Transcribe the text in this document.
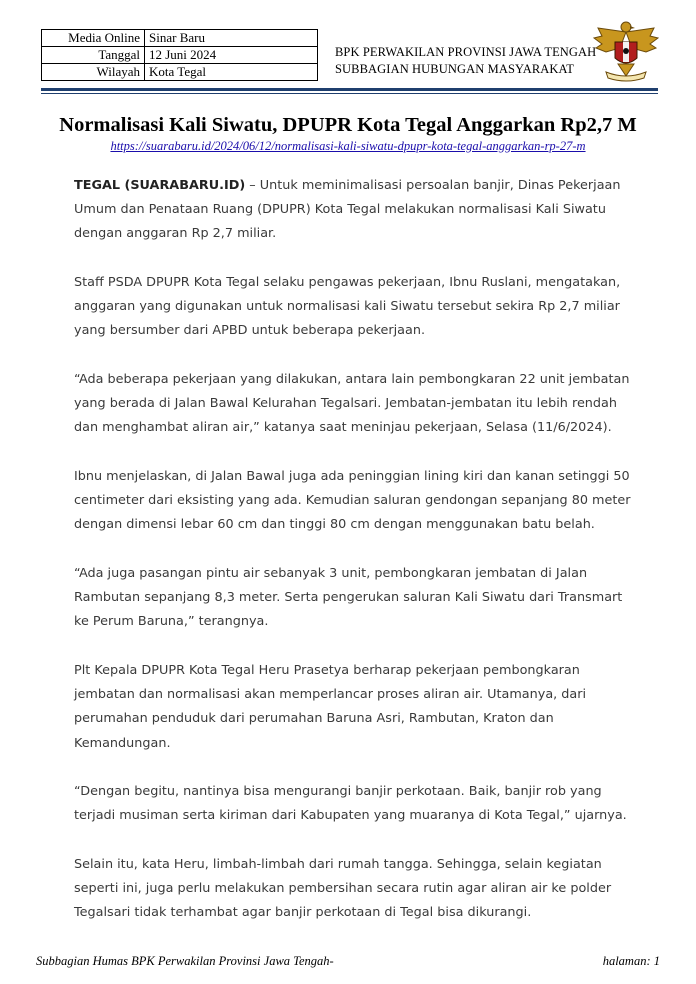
Media Online	Sinar Baru
Tanggal	12 Juni 2024
Wilayah	Kota Tegal
BPK PERWAKILAN PROVINSI JAWA TENGAH
SUBBAGIAN HUBUNGAN MASYARAKAT
Normalisasi Kali Siwatu, DPUPR Kota Tegal Anggarkan Rp2,7 M
https://suarabaru.id/2024/06/12/normalisasi-kali-siwatu-dpupr-kota-tegal-anggarkan-rp-27-m

TEGAL (SUARABARU.ID) – Untuk meminimalisasi persoalan banjir, Dinas Pekerjaan Umum dan Penataan Ruang (DPUPR) Kota Tegal melakukan normalisasi Kali Siwatu dengan anggaran Rp 2,7 miliar.

Staff PSDA DPUPR Kota Tegal selaku pengawas pekerjaan, Ibnu Ruslani, mengatakan, anggaran yang digunakan untuk normalisasi kali Siwatu tersebut sekira Rp 2,7 miliar yang bersumber dari APBD untuk beberapa pekerjaan.

“Ada beberapa pekerjaan yang dilakukan, antara lain pembongkaran 22 unit jembatan yang berada di Jalan Bawal Kelurahan Tegalsari. Jembatan-jembatan itu lebih rendah dan menghambat aliran air,” katanya saat meninjau pekerjaan, Selasa (11/6/2024).

Ibnu menjelaskan, di Jalan Bawal juga ada peninggian lining kiri dan kanan setinggi 50 centimeter dari eksisting yang ada. Kemudian saluran gendongan sepanjang 80 meter dengan dimensi lebar 60 cm dan tinggi 80 cm dengan menggunakan batu belah.

“Ada juga pasangan pintu air sebanyak 3 unit, pembongkaran jembatan di Jalan Rambutan sepanjang 8,3 meter. Serta pengerukan saluran Kali Siwatu dari Transmart ke Perum Baruna,” terangnya.

Plt Kepala DPUPR Kota Tegal Heru Prasetya berharap pekerjaan pembongkaran jembatan dan normalisasi akan memperlancar proses aliran air. Utamanya, dari perumahan penduduk dari perumahan Baruna Asri, Rambutan, Kraton dan Kemandungan.

“Dengan begitu, nantinya bisa mengurangi banjir perkotaan. Baik, banjir rob yang terjadi musiman serta kiriman dari Kabupaten yang muaranya di Kota Tegal,” ujarnya.

Selain itu, kata Heru, limbah-limbah dari rumah tangga. Sehingga, selain kegiatan seperti ini, juga perlu melakukan pembersihan secara rutin agar aliran air ke polder Tegalsari tidak terhambat agar banjir perkotaan di Tegal bisa dikurangi.

Subbagian Humas BPK Perwakilan Provinsi Jawa Tengah-	halaman: 1
